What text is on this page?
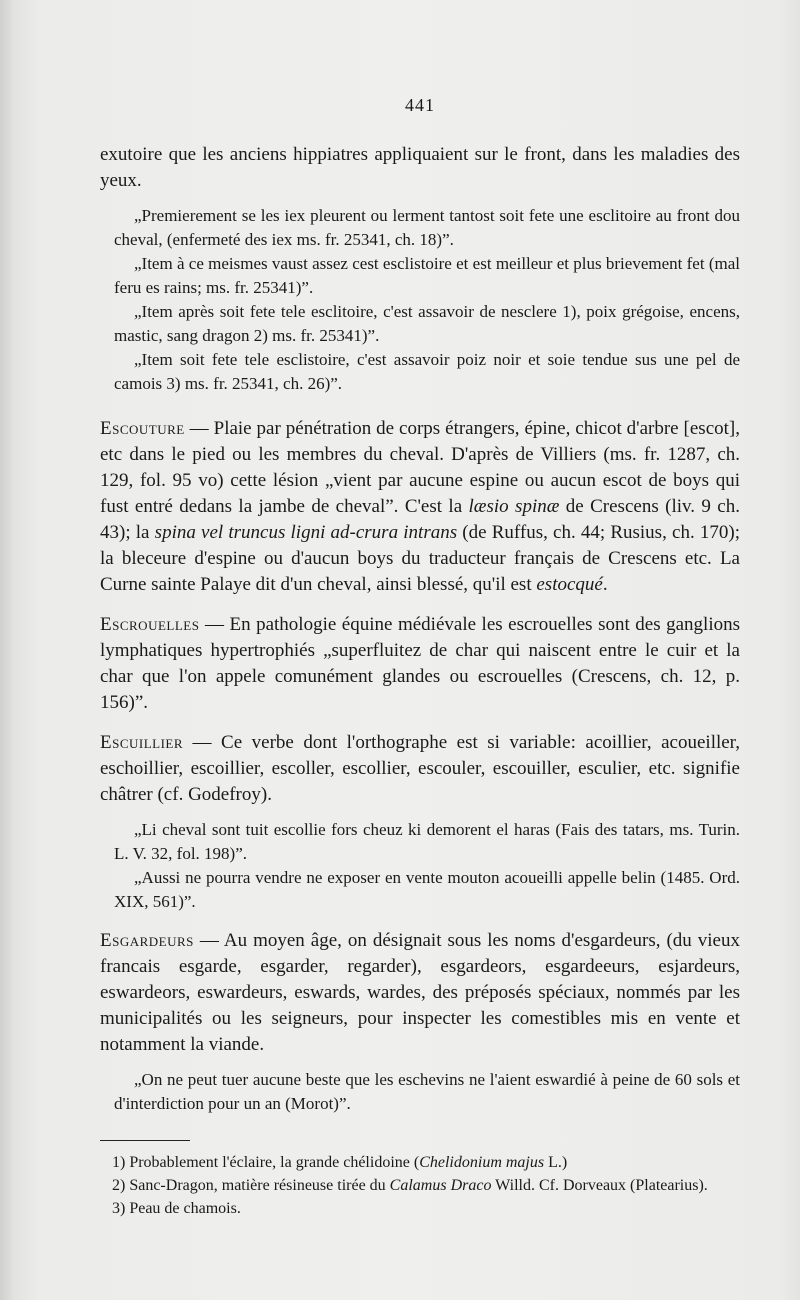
441

exutoire que les anciens hippiatres appliquaient sur le front, dans les maladies des yeux.

„Premierement se les iex pleurent ou lerment tantost soit fete une esclitoire au front dou cheval, (enfermeté des iex ms. fr. 25341, ch. 18)”.

„Item à ce meismes vaust assez cest esclistoire et est meilleur et plus brievement fet (mal feru es rains; ms. fr. 25341)”.

„Item après soit fete tele esclitoire, c'est assavoir de nesclere 1), poix grégoise, encens, mastic, sang dragon 2) ms. fr. 25341)”.

„Item soit fete tele esclistoire, c'est assavoir poiz noir et soie tendue sus une pel de camois 3) ms. fr. 25341, ch. 26)”.

Escouture — Plaie par pénétration de corps étrangers, épine, chicot d'arbre [escot], etc dans le pied ou les membres du cheval. D'après de Villiers (ms. fr. 1287, ch. 129, fol. 95 vo) cette lésion „vient par aucune espine ou aucun escot de boys qui fust entré dedans la jambe de cheval”. C'est la læsio spinæ de Crescens (liv. 9 ch. 43); la spina vel truncus ligni ad-crura intrans (de Ruffus, ch. 44; Rusius, ch. 170); la bleceure d'espine ou d'aucun boys du traducteur français de Crescens etc. La Curne sainte Palaye dit d'un cheval, ainsi blessé, qu'il est estocqué.

Escrouelles — En pathologie équine médiévale les escrouelles sont des ganglions lymphatiques hypertrophiés „superfluitez de char qui naiscent entre le cuir et la char que l'on appele comunément glandes ou escrouelles (Crescens, ch. 12, p. 156)”.

Escuillier — Ce verbe dont l'orthographe est si variable: acoillier, acoueiller, eschoillier, escoillier, escoller, escollier, escouler, escouiller, esculier, etc. signifie châtrer (cf. Godefroy).

„Li cheval sont tuit escollie fors cheuz ki demorent el haras (Fais des tatars, ms. Turin. L. V. 32, fol. 198)”.

„Aussi ne pourra vendre ne exposer en vente mouton acoueilli appelle belin (1485. Ord. XIX, 561)”.

Esgardeurs — Au moyen âge, on désignait sous les noms d'esgardeurs, (du vieux francais esgarde, esgarder, regarder), esgardeors, esgardeeurs, esjardeurs, eswardeors, eswardeurs, eswards, wardes, des préposés spéciaux, nommés par les municipalités ou les seigneurs, pour inspecter les comestibles mis en vente et notamment la viande.

„On ne peut tuer aucune beste que les eschevins ne l'aient eswardié à peine de 60 sols et d'interdiction pour un an (Morot)”.

1) Probablement l'éclaire, la grande chélidoine (Chelidonium majus L.)

2) Sanc-Dragon, matière résineuse tirée du Calamus Draco Willd. Cf. Dorveaux (Platearius).

3) Peau de chamois.
